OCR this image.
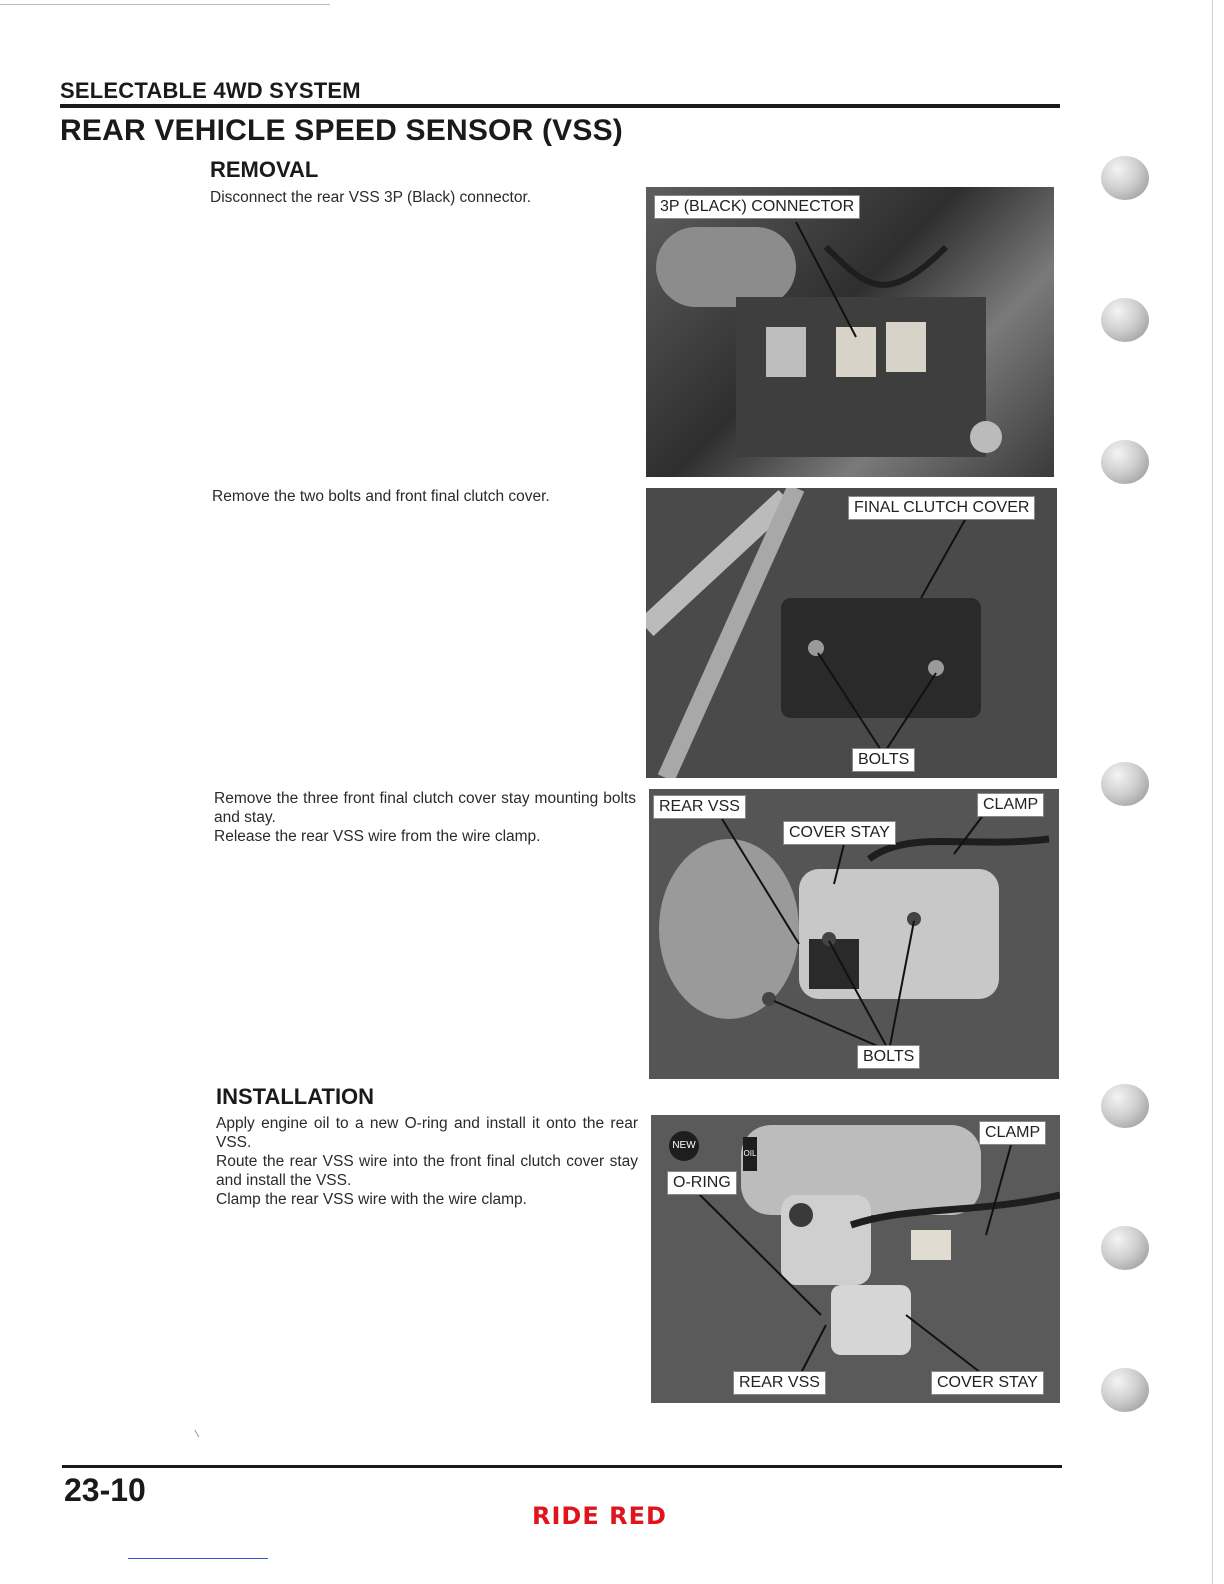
SELECTABLE 4WD SYSTEM
REAR VEHICLE SPEED SENSOR (VSS)
REMOVAL
Disconnect the rear VSS 3P (Black) connector.
Remove the two bolts and front final clutch cover.
Remove the three front final clutch cover stay mounting bolts and stay.
Release the rear VSS wire from the wire clamp.
INSTALLATION
Apply engine oil to a new O-ring and install it onto the rear VSS.
Route the rear VSS wire into the front final clutch cover stay and install the VSS.
Clamp the rear VSS wire with the wire clamp.
3P (BLACK) CONNECTOR
FINAL CLUTCH COVER
BOLTS
REAR VSS
COVER STAY
CLAMP
BOLTS
NEW
OIL
O-RING
CLAMP
REAR VSS	COVER STAY
23-10
RIDE RED
